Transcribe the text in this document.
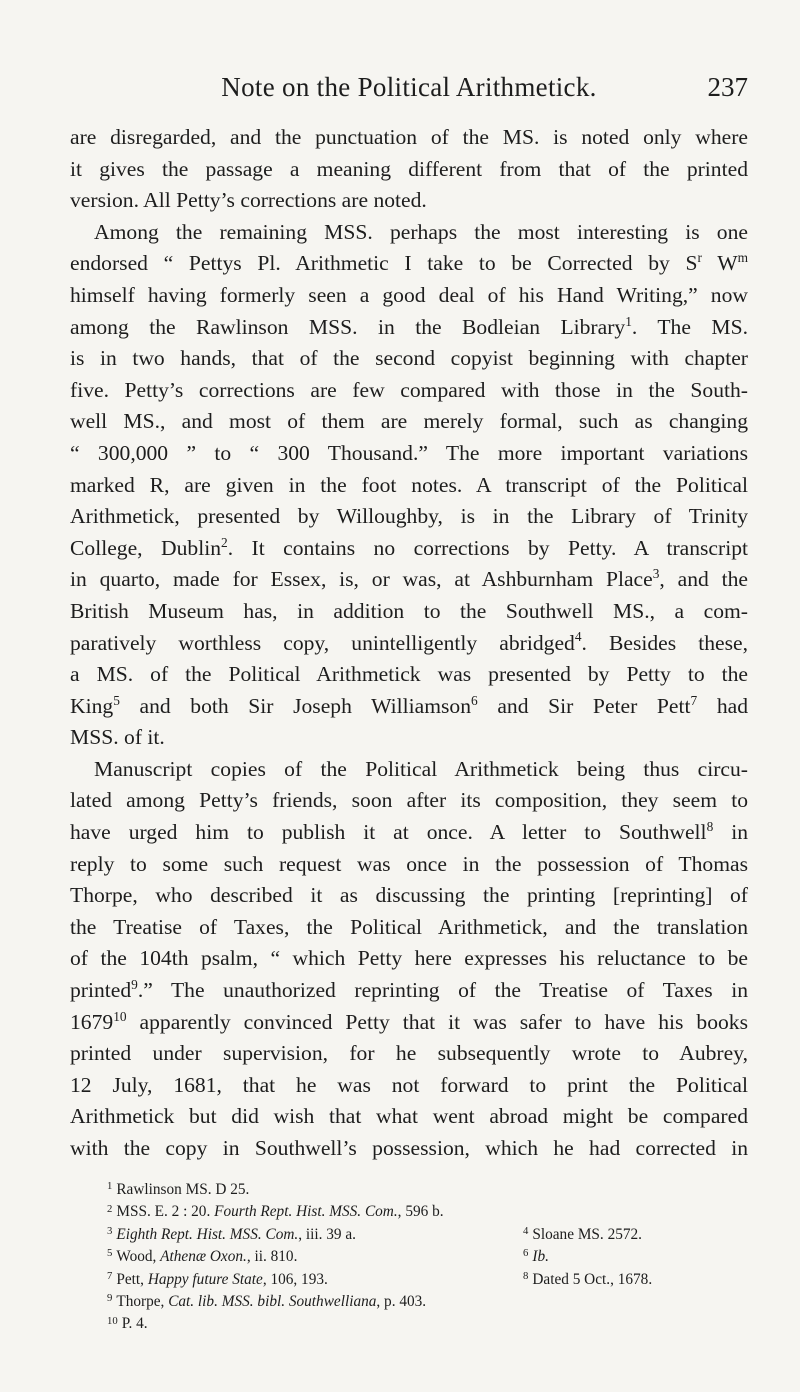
Note on the Political Arithmetick.	237

are disregarded, and the punctuation of the MS. is noted only where
it gives the passage a meaning different from that of the printed
version. All Petty’s corrections are noted.

Among the remaining MSS. perhaps the most interesting is one
endorsed “ Pettys Pl. Arithmetic I take to be Corrected by $S^r$ $W^m$
himself having formerly seen a good deal of his Hand Writing,” now
among the Rawlinson MSS. in the Bodleian Library$^1$. The MS.
is in two hands, that of the second copyist beginning with chapter
five. Petty’s corrections are few compared with those in the South-
well MS., and most of them are merely formal, such as changing
“ 300,000 ” to “ 300 Thousand.” The more important variations
marked R, are given in the foot notes. A transcript of the Political
Arithmetick, presented by Willoughby, is in the Library of Trinity
College, Dublin$^2$. It contains no corrections by Petty. A transcript
in quarto, made for Essex, is, or was, at Ashburnham Place$^3$, and the
British Museum has, in addition to the Southwell MS., a com-
paratively worthless copy, unintelligently abridged$^4$. Besides these,
a MS. of the Political Arithmetick was presented by Petty to the
King$^5$ and both Sir Joseph Williamson$^6$ and Sir Peter Pett$^7$ had
MSS. of it.

Manuscript copies of the Political Arithmetick being thus circu-
lated among Petty’s friends, soon after its composition, they seem to
have urged him to publish it at once. A letter to Southwell$^8$ in
reply to some such request was once in the possession of Thomas
Thorpe, who described it as discussing the printing [reprinting] of
the Treatise of Taxes, the Political Arithmetick, and the translation
of the 104th psalm, “ which Petty here expresses his reluctance to be
printed$^9$.” The unauthorized reprinting of the Treatise of Taxes in
1679$^{10}$ apparently convinced Petty that it was safer to have his books
printed under supervision, for he subsequently wrote to Aubrey,
12 July, 1681, that he was not forward to print the Political
Arithmetick but did wish that what went abroad might be compared
with the copy in Southwell’s possession, which he had corrected in

$^1$ Rawlinson MS. D 25.
$^2$ MSS. E. 2 : 20. Fourth Rept. Hist. MSS. Com., 596 b.
$^3$ Eighth Rept. Hist. MSS. Com., iii. 39 a.	$^4$ Sloane MS. 2572.
$^5$ Wood, Athenæ Oxon., ii. 810.	$^6$ Ib.
$^7$ Pett, Happy future State, 106, 193.	$^8$ Dated 5 Oct., 1678.
$^9$ Thorpe, Cat. lib. MSS. bibl. Southwelliana, p. 403.
$^{10}$ P. 4.
